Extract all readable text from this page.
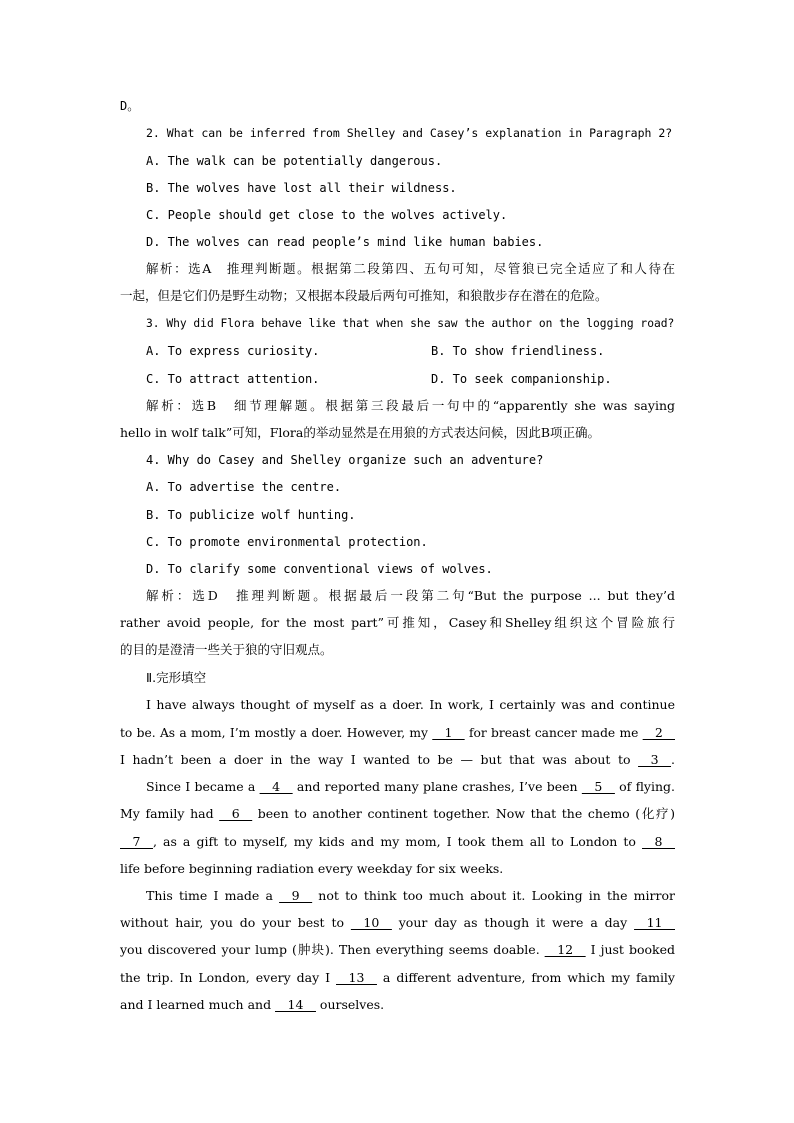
D。
2. What can be inferred from Shelley and Casey’s explanation in Paragraph 2?
A. The walk can be potentially dangerous.
B. The wolves have lost all their wildness.
C. People should get close to the wolves actively.
D. The wolves can read people’s mind like human babies.
解析：选A　推理判断题。根据第二段第四、五句可知，尽管狼已完全适应了和人待在
一起，但是它们仍是野生动物；又根据本段最后两句可推知，和狼散步存在潜在的危险。
3. Why did Flora behave like that when she saw the author on the logging road?
A. To express curiosity.	B. To show friendliness.
C. To attract attention.	D. To seek companionship.
解析：选B　细节理解题。根据第三段最后一句中的“apparently she was saying
hello in wolf talk”可知，Flora的举动显然是在用狼的方式表达问候，因此B项正确。
4. Why do Casey and Shelley organize such an adventure?
A. To advertise the centre.
B. To publicize wolf hunting.
C. To promote environmental protection.
D. To clarify some conventional views of wolves.
解析：选D　推理判断题。根据最后一段第二句“But the purpose ... but they’d
rather avoid people, for the most part”可推知，Casey和Shelley组织这个冒险旅行
的目的是澄清一些关于狼的守旧观点。
Ⅱ.完形填空
I have always thought of myself as a doer. In work, I certainly was and continue
to be. As a mom, I’m mostly a doer. However, my __1__ for breast cancer made me __2__
I hadn’t been a doer in the way I wanted to be — but that was about to __3__.
Since I became a __4__ and reported many plane crashes, I’ve been __5__ of flying.
My family had __6__ been to another continent together. Now that the chemo (化疗)
__7__, as a gift to myself, my kids and my mom, I took them all to London to __8__
life before beginning radiation every weekday for six weeks.
This time I made a __9__ not to think too much about it. Looking in the mirror
without hair, you do your best to __10__ your day as though it were a day __11__
you discovered your lump (肿块). Then everything seems doable. __12__ I just booked
the trip. In London, every day I __13__ a different adventure, from which my family
and I learned much and __14__ ourselves.
